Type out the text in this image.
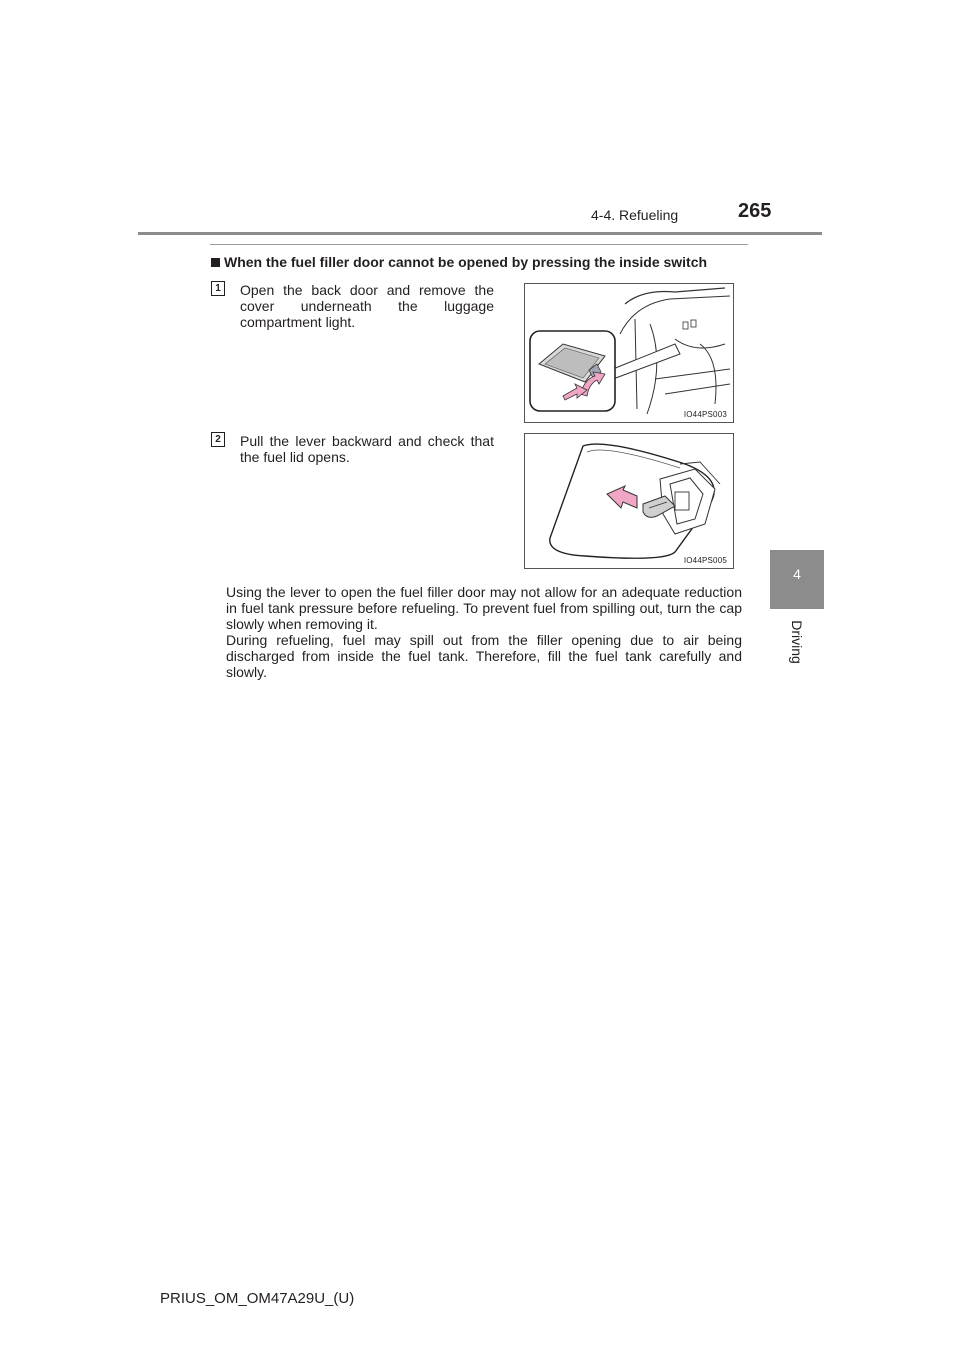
4-4. Refueling	265
4
Driving
When the fuel filler door cannot be opened by pressing the inside switch
1	Open the back door and remove the cover underneath the luggage compartment light.
IO44PS003
2	Pull the lever backward and check that the fuel lid opens.
IO44PS005
Using the lever to open the fuel filler door may not allow for an adequate reduction in fuel tank pressure before refueling. To prevent fuel from spilling out, turn the cap slowly when removing it.
During refueling, fuel may spill out from the filler opening due to air being discharged from inside the fuel tank. Therefore, fill the fuel tank carefully and slowly.
PRIUS_OM_OM47A29U_(U)
